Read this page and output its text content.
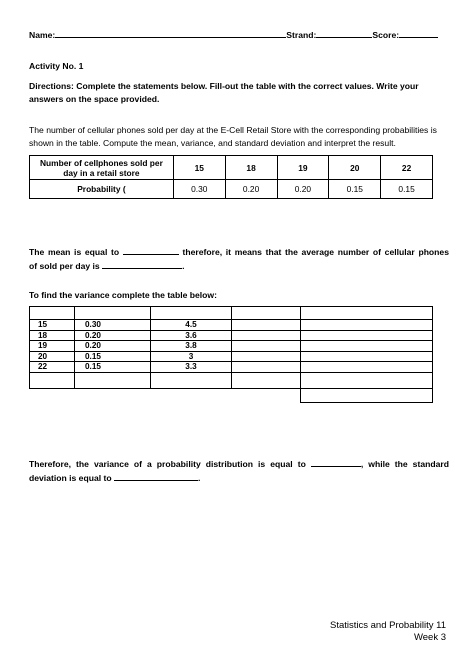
Name:	Strand:	Score:
Activity No. 1
Directions: Complete the statements below. Fill-out the table with the correct values. Write your answers on the space provided.
The number of cellular phones sold per day at the E-Cell Retail Store with the corresponding probabilities is shown in the table. Compute the mean, variance, and standard deviation and interpret the result.
Number of cellphones sold per day in a retail store	15	18	19	20	22
Probability (	0.30	0.20	0.20	0.15	0.15
The mean is equal to	therefore, it means that the average number of cellular phones
of sold per day is	.
To find the variance complete the table below:

15	0.30	4.5		
18	0.20	3.6		
19	0.20	3.8		
20	0.15	3		
22	0.15	3.3		

Therefore, the variance of a probability distribution is equal to	, while the standard
deviation is equal to	.
Statistics and Probability 11
Week 3
